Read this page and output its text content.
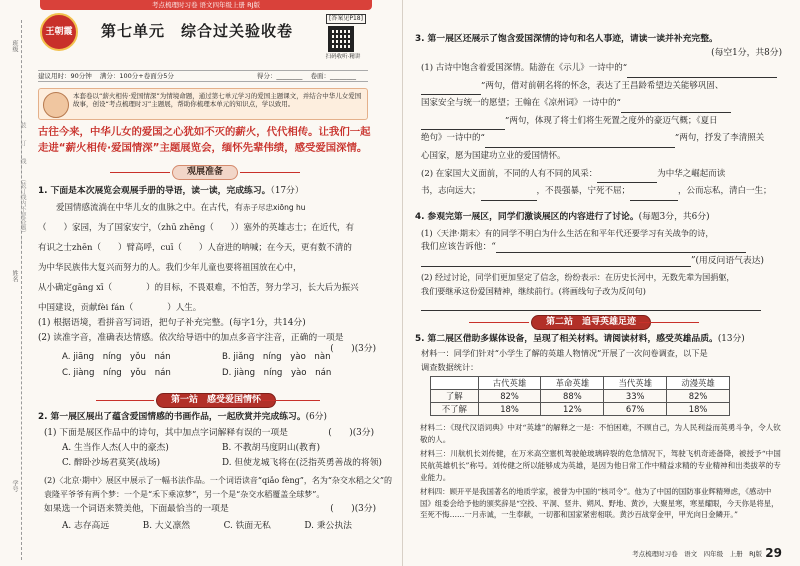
考点梳理时习卷 语文四年级上册 RJ版
班级
姓名
学号
……装……订……线……（装订线内不要答题）……
王朝霞	第七单元　综合过关验收卷
[答案见P18]
扫码收听·精讲
建议用时：90分钟 满分：100分+卷面分5分	得分：________ 卷面：________
本套卷以“薪火相传·爱国情深”为情境命题，通过第七单元学习的爱国主题课文，并结合中华儿女爱国故事，创设“考点梳理时习”主题展，帮助你梳理本单元的知识点，学以致用。
古往今来，中华儿女的爱国之心犹如不灭的薪火，代代相传。让我们一起走进“薪火相传·爱国情深”主题展览会，缅怀先辈伟绩，感受爱国深情。
观展准备
1. 下面是本次展览会观展手册的导语，读一读，完成练习。（17分）
爱国情感流淌在中华儿女的血脉之中。在古代，有赤子尽忠xiōng hu
（　　）家园，为了国家安宁，（zhū zhēng（　　））塞外的英雄志士；在近代，有
有识之士zhēn（　　）臂高呼，cuī（　　）人奋进的呐喊；在今天，更有数不清的
为中华民族伟大复兴而努力的人。我们少年儿童也要将祖国放在心中，
从小确定gāng xī（　　　　）的目标，不畏艰难，不怕苦，努力学习，长大后为振兴
中国建设，贡献fèi fán（　　　　）人生。
(1) 根据语境，看拼音写词语，把句子补充完整。(每字1分，共14分)
(2) 读准字音，准确表达情感。依次给导语中的加点多音字注音，正确的一项是
(　　)(3分)
A. jiāng　níng　yǒu　nán	B. jiǎng　níng　yào　nàn
C. jiàng　níng　yǒu　nán	D. jiàng　níng　yào　nán
第一站　感受爱国情怀
2. 第一展区展出了蕴含爱国情感的书画作品，一起欣赏并完成练习。(6分)
(1) 下面是展区作品中的诗句，其中加点字词解释有误的一项是	(　　)(3分)
A. 生当作人杰(人中的豪杰)	B. 不教胡马度阴山(教育)
C. 醉卧沙场君莫笑(战场)	D. 但使龙城飞将在(泛指英勇善战的将领)
(2)〈北京·期中〉展区中展示了一幅书法作品。一个词语读音“qiǎo fèng”，名为“杂交水稻之父”的
袁隆平爷爷有两个梦：一个是“禾下乘凉梦”，另一个是“杂交水稻覆盖全球梦”。
如果选一个词语来赞美他，下面最恰当的一项是	(　　)(3分)
A. 志存高远	B. 大义凛然	C. 铁面无私	D. 秉公执法
3. 第一展区还展示了饱含爱国深情的诗句和名人事迹，请读一读并补充完整。
(每空1分，共8分)
(1) 古诗中饱含着爱国深情。陆游在《示儿》一诗中的“
”两句，借对前朝名将的怀念，表达了王昌龄希望边关能够巩固、
国家安全与统一的愿望；王翰在《凉州词》一诗中的“
”两句，体现了将士们将生死置之度外的豪迈气概；《夏日
绝句》一诗中的“	”两句，抒发了李清照关
心国家，愿为国建功立业的爱国情怀。
(2) 在家国大义面前，不同的人有不同的风采：	为中华之崛起而读
书，志向远大；	，不畏强暴，宁死不屈；	，公而忘私，清白一生；
4. 参观完第一展区，同学们激谈展区的内容进行了讨论。(每题3分，共6分)
(1)〈天津·期末〉有的同学不明白为什么生活在和平年代还要学习有关战争的诗，
我们应该告诉他：“
”(用反问语气表达)
(2) 经过讨论，同学们更加坚定了信念，纷纷表示：在历史长河中，无数先辈为国捐躯，
我们要继承这份爱国精神，继续前行。(将画线句子改为反问句)
第二站　追寻英雄足迹
5. 第二展区借助多媒体设备，呈现了相关材料。请阅读材料，感受英雄品质。(13分)
材料一：同学们针对“小学生了解的英雄人物情况”开展了一次问卷调查，以下是
调查数据统计：
	古代英雄	革命英雄	当代英雄	动漫英雄
了解	82%	88%	33%	82%
不了解	18%	12%	67%	18%
材料二：《现代汉语词典》中对“英雄”的解释之一是：不怕困难，不顾自己，为人民利益而英勇斗争，令人钦敬的人。
材料三：川航机长刘传健，在万米高空塞机驾驶舱玻璃碎裂的危急情况下，驾驶飞机奇迹备降，被授予“中国民航英雄机长”称号。刘传健之所以能够成为英雄，是因为他日常工作中精益求精的专业精神和出类拔萃的专业能力。
材料四：顾开平是我国著名的地质学家，被誉为中国的“核司令”。他为了中国的国防事业辉精殚虑，《感动中国》组委会给予他的颁奖辞是“空投、平洞、竖井、朔风、野地、黄沙，大聚星寒，寒星耀眼，今天你是将星，至死不悔……一月赤诚，一生奉献，一切都和国家紧密相联。黄沙百战穿金甲，甲光向日金鳞开。”
考点梳理时习卷　语文　四年级　上册　RJ版 29
